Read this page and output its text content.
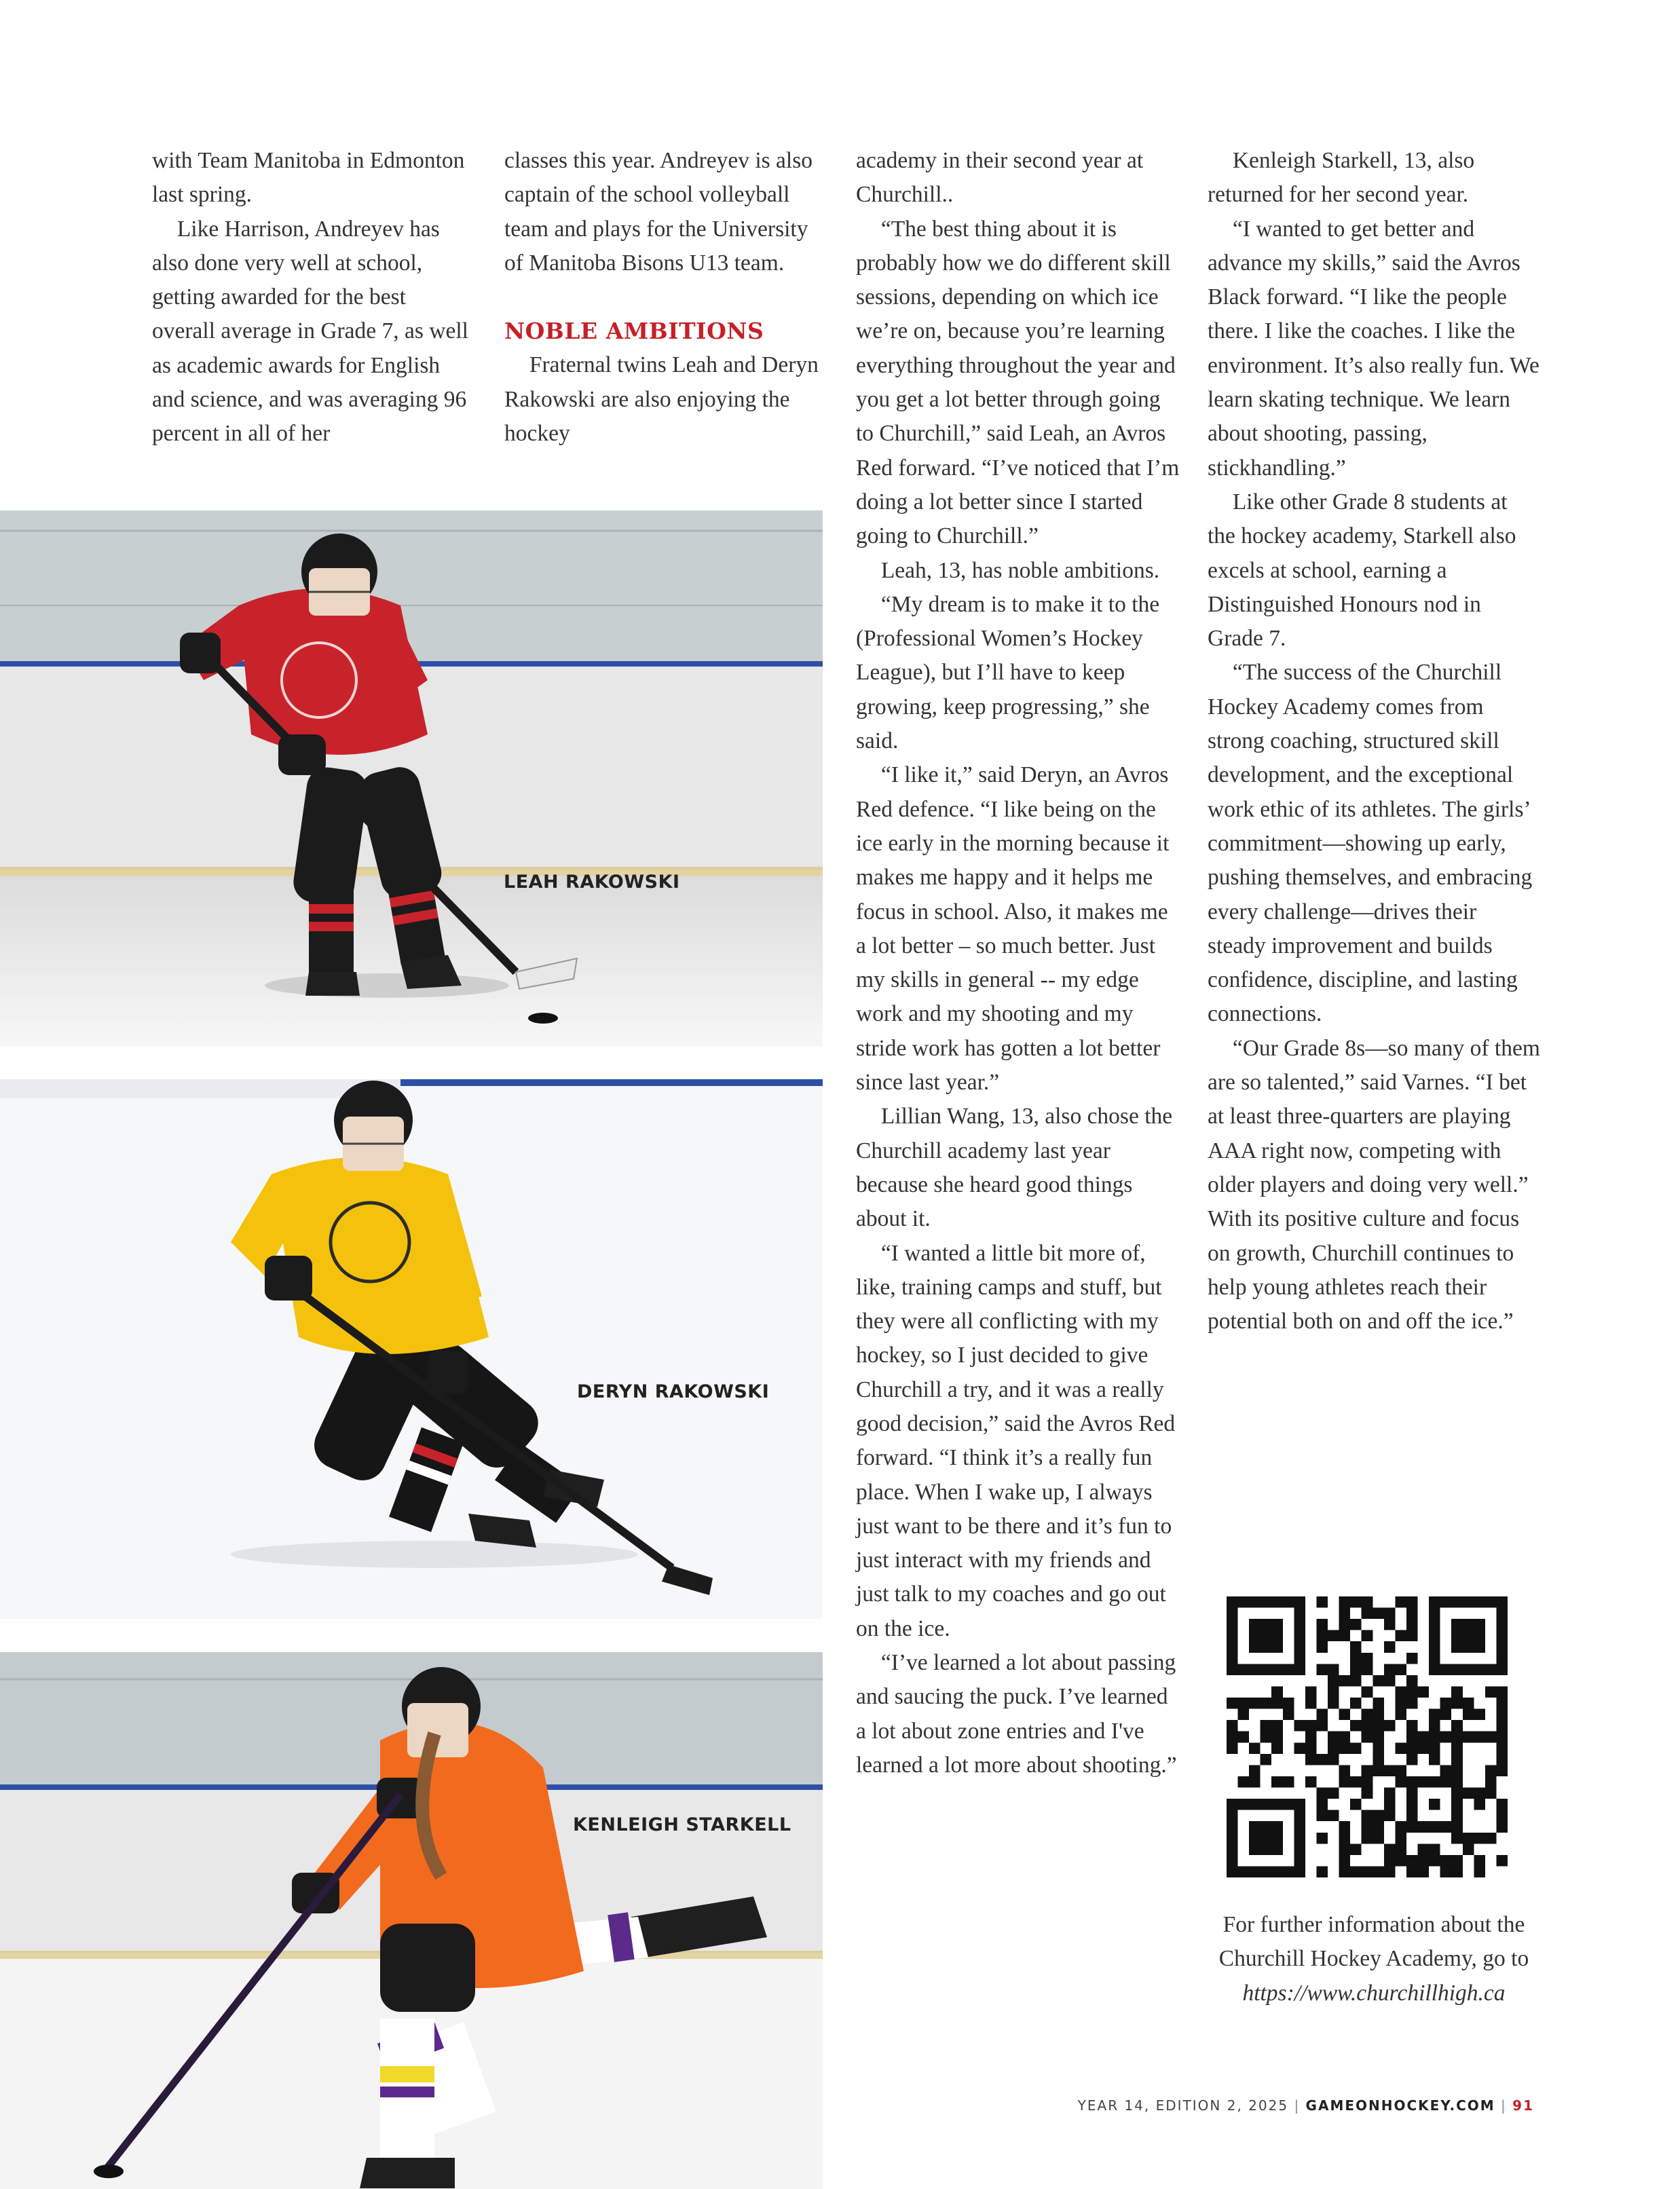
with Team Manitoba in Edmonton last spring.

Like Harrison, Andreyev has also done very well at school, getting awarded for the best overall average in Grade 7, as well as academic awards for English and science, and was averaging 96 percent in all of her

classes this year. Andreyev is also captain of the school volleyball team and plays for the University of Manitoba Bisons U13 team.

NOBLE AMBITIONS

Fraternal twins Leah and Deryn Rakowski are also enjoying the hockey

academy in their second year at Churchill..

“The best thing about it is probably how we do different skill sessions, depending on which ice we’re on, because you’re learning everything throughout the year and you get a lot better through going to Churchill,” said Leah, an Avros Red forward. “I’ve noticed that I’m doing a lot better since I started going to Churchill.”

Leah, 13, has noble ambitions.

“My dream is to make it to the (Professional Women’s Hockey League), but I’ll have to keep growing, keep progressing,” she said.

“I like it,” said Deryn, an Avros Red defence. “I like being on the ice early in the morning because it makes me happy and it helps me focus in school. Also, it makes me a lot better – so much better. Just my skills in general -- my edge work and my shooting and my stride work has gotten a lot better since last year.”

Lillian Wang, 13, also chose the Churchill academy last year because she heard good things about it.

“I wanted a little bit more of, like, training camps and stuff, but they were all conflicting with my hockey, so I just decided to give Churchill a try, and it was a really good decision,” said the Avros Red forward. “I think it’s a really fun place. When I wake up, I always just want to be there and it’s fun to just interact with my friends and just talk to my coaches and go out on the ice.

“I’ve learned a lot about passing and saucing the puck. I’ve learned a lot about zone entries and I've learned a lot more about shooting.”

Kenleigh Starkell, 13, also returned for her second year.

“I wanted to get better and advance my skills,” said the Avros Black forward. “I like the people there. I like the coaches. I like the environment. It’s also really fun. We learn skating technique. We learn about shooting, passing, stickhandling.”

Like other Grade 8 students at the hockey academy, Starkell also excels at school, earning a Distinguished Honours nod in Grade 7.

“The success of the Churchill Hockey Academy comes from strong coaching, structured skill development, and the exceptional work ethic of its athletes. The girls’ commitment—showing up early, pushing themselves, and embracing every challenge—drives their steady improvement and builds confidence, discipline, and lasting connections.

“Our Grade 8s—so many of them are so talented,” said Varnes. “I bet at least three-quarters are playing AAA right now, competing with older players and doing very well.” With its positive culture and focus on growth, Churchill continues to help young athletes reach their potential both on and off the ice.”

LEAH RAKOWSKI
DERYN RAKOWSKI
KENLEIGH STARKELL
For further information about the Churchill Hockey Academy, go to
https://www.churchillhigh.ca
YEAR 14, EDITION 2, 2025 | GAMEONHOCKEY.COM | 91
